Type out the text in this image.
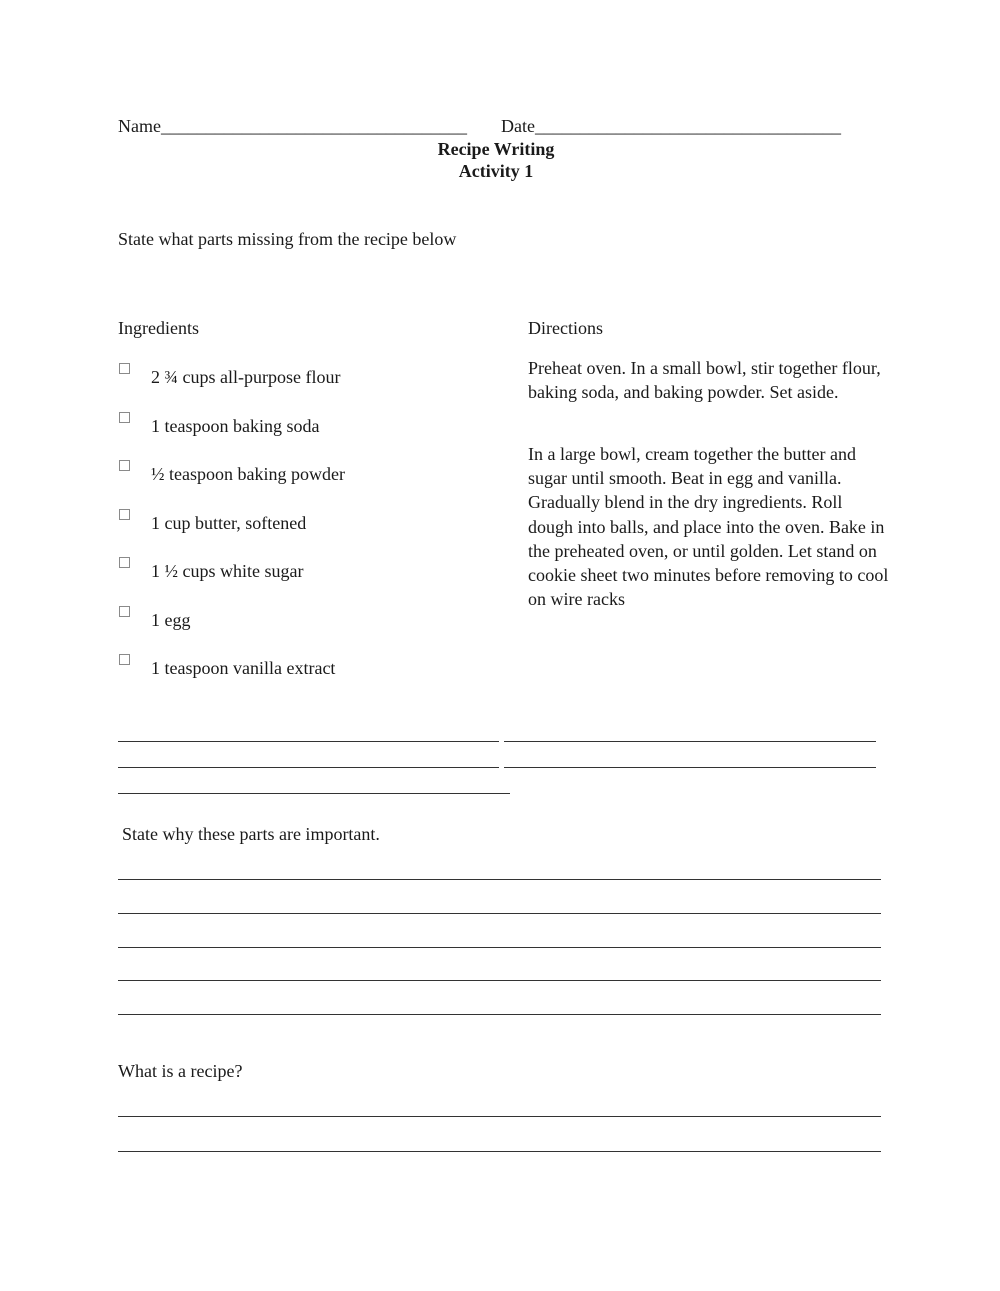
Name__________________________________ Date__________________________________
Recipe Writing
Activity 1
State what parts missing from the recipe below
Ingredients	Directions
2 ¾ cups all-purpose flour
1 teaspoon baking soda
½ teaspoon baking powder
1 cup butter, softened
1 ½ cups white sugar
1 egg
1 teaspoon vanilla extract
Preheat oven. In a small bowl, stir together flour, baking soda, and baking powder. Set aside.
In a large bowl, cream together the butter and sugar until smooth. Beat in egg and vanilla. Gradually blend in the dry ingredients. Roll dough into balls, and place into the oven. Bake in the preheated oven, or until golden. Let stand on cookie sheet two minutes before removing to cool on wire racks
State why these parts are important.
What is a recipe?
